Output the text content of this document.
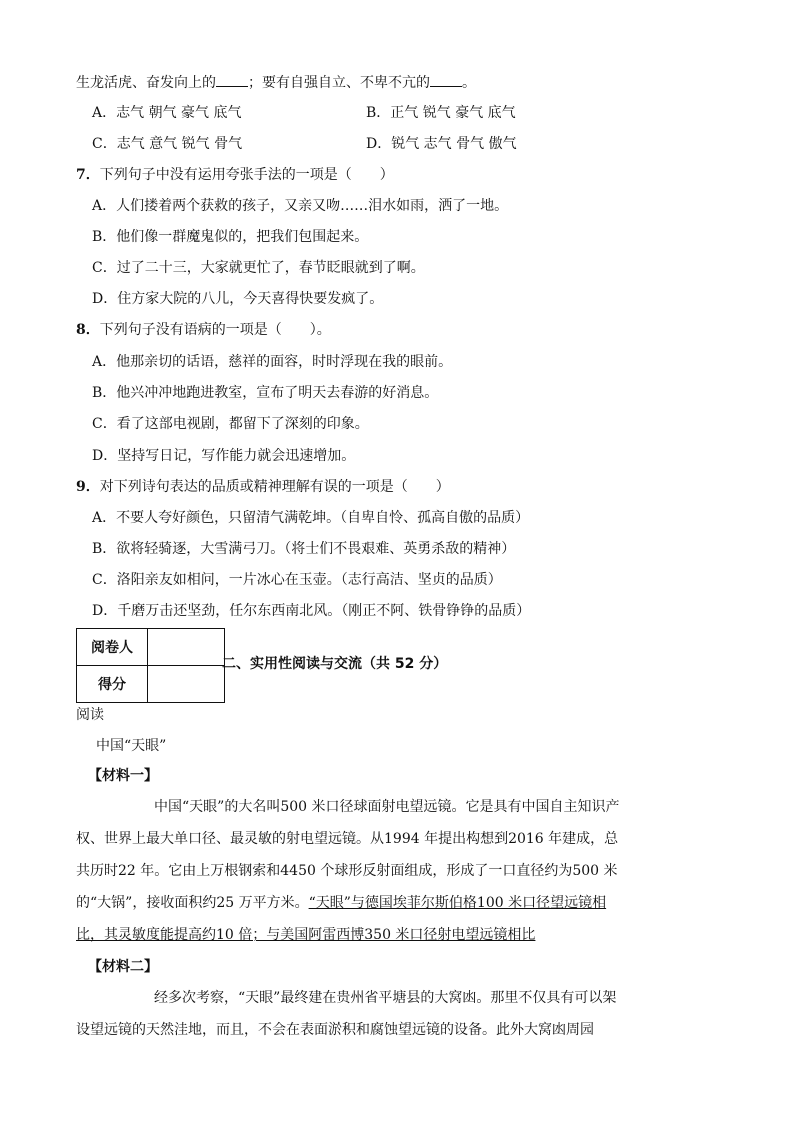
生龙活虎、奋发向上的 ；要有自强自立、不卑不亢的 。
A．志气 朝气 豪气 底气	B．正气 锐气 豪气 底气
C．志气 意气 锐气 骨气	D．锐气 志气 骨气 傲气
7．下列句子中没有运用夸张手法的一项是（　　）
A．人们搂着两个获救的孩子，又亲又吻……泪水如雨，洒了一地。
B．他们像一群魔鬼似的，把我们包围起来。
C．过了二十三，大家就更忙了，春节眨眼就到了啊。
D．住方家大院的八儿，今天喜得快要发疯了。
8．下列句子没有语病的一项是（　　）。
A．他那亲切的话语，慈祥的面容，时时浮现在我的眼前。
B．他兴冲冲地跑进教室，宣布了明天去春游的好消息。
C．看了这部电视剧，都留下了深刻的印象。
D．坚持写日记，写作能力就会迅速增加。
9．对下列诗句表达的品质或精神理解有误的一项是（　　）
A．不要人夸好颜色，只留清气满乾坤。（自卑自怜、孤高自傲的品质）
B．欲将轻骑逐，大雪满弓刀。（将士们不畏艰难、英勇杀敌的精神）
C．洛阳亲友如相问，一片冰心在玉壶。（志行高洁、坚贞的品质）
D．千磨万击还坚劲，任尔东西南北风。（刚正不阿、铁骨铮铮的品质）
阅卷人	
得分	
二、实用性阅读与交流（共 52 分）
阅读
中国“天眼”
【材料一】
中国“天眼”的大名叫500 米口径球面射电望远镜。它是具有中国自主知识产
权、世界上最大单口径、最灵敏的射电望远镜。从1994 年提出构想到2016 年建成，总
共历时22 年。它由上万根钢索和4450 个球形反射面组成，形成了一口直径约为500 米
的“大锅”，接收面积约25 万平方米。“天眼”与德国埃菲尔斯伯格100 米口径望远镜相
比，其灵敏度能提高约10 倍；与美国阿雷西博350 米口径射电望远镜相比
【材料二】
经多次考察，“天眼”最终建在贵州省平塘县的大窝凼。那里不仅具有可以架
设望远镜的天然洼地，而且，不会在表面淤积和腐蚀望远镜的设备。此外大窝凼周园
